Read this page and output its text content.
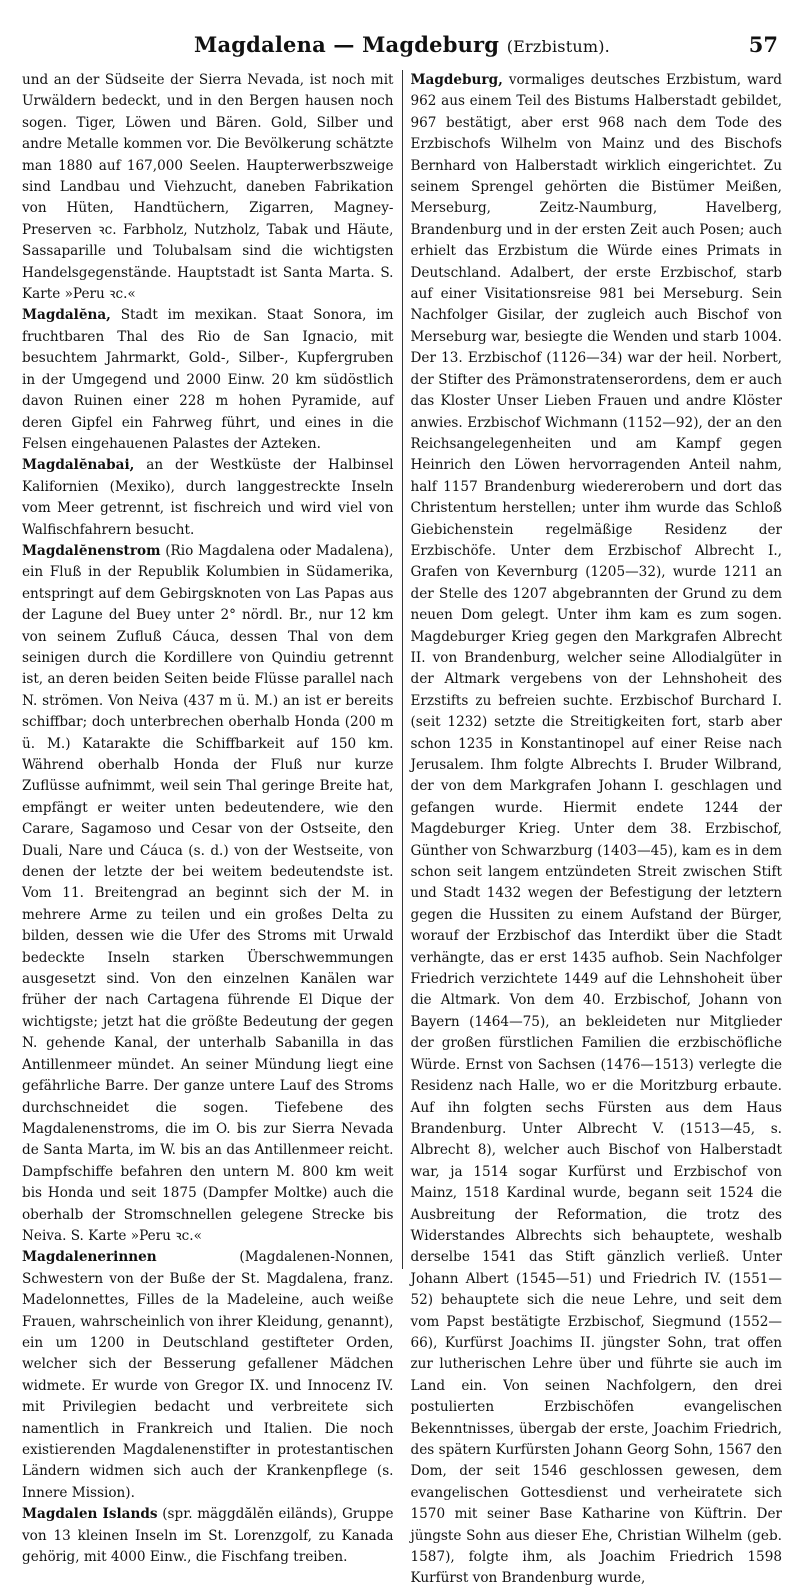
Magdalena — Magdeburg (Erzbistum).	57

und an der Südseite der Sierra Nevada, ist noch mit Urwäldern bedeckt, und in den Bergen hausen noch sogen. Tiger, Löwen und Bären. Gold, Silber und andre Metalle kommen vor. Die Bevölkerung schätzte man 1880 auf 167,000 Seelen. Haupterwerbszweige sind Landbau und Viehzucht, daneben Fabrikation von Hüten, Handtüchern, Zigarren, Magney-Preserven ꝛc. Farbholz, Nutzholz, Tabak und Häute, Sassaparille und Tolubalsam sind die wichtigsten Handelsgegenstände. Hauptstadt ist Santa Marta. S. Karte »Peru ꝛc.«

Magdalĕna, Stadt im mexikan. Staat Sonora, im fruchtbaren Thal des Rio de San Ignacio, mit besuchtem Jahrmarkt, Gold-, Silber-, Kupfergruben in der Umgegend und 2000 Einw. 20 km südöstlich davon Ruinen einer 228 m hohen Pyramide, auf deren Gipfel ein Fahrweg führt, und eines in die Felsen eingehauenen Palastes der Azteken.

Magdalĕnabai, an der Westküste der Halbinsel Kalifornien (Mexiko), durch langgestreckte Inseln vom Meer getrennt, ist fischreich und wird viel von Walfischfahrern besucht.

Magdalĕnenstrom (Rio Magdalena oder Madalena), ein Fluß in der Republik Kolumbien in Südamerika, entspringt auf dem Gebirgsknoten von Las Papas aus der Lagune del Buey unter 2° nördl. Br., nur 12 km von seinem Zufluß Cáuca, dessen Thal von dem seinigen durch die Kordillere von Quindiu getrennt ist, an deren beiden Seiten beide Flüsse parallel nach N. strömen. Von Neiva (437 m ü. M.) an ist er bereits schiffbar; doch unterbrechen oberhalb Honda (200 m ü. M.) Katarakte die Schiffbarkeit auf 150 km. Während oberhalb Honda der Fluß nur kurze Zuflüsse aufnimmt, weil sein Thal geringe Breite hat, empfängt er weiter unten bedeutendere, wie den Carare, Sagamoso und Cesar von der Ostseite, den Duali, Nare und Cáuca (s. d.) von der Westseite, von denen der letzte der bei weitem bedeutendste ist. Vom 11. Breitengrad an beginnt sich der M. in mehrere Arme zu teilen und ein großes Delta zu bilden, dessen wie die Ufer des Stroms mit Urwald bedeckte Inseln starken Überschwemmungen ausgesetzt sind. Von den einzelnen Kanälen war früher der nach Cartagena führende El Dique der wichtigste; jetzt hat die größte Bedeutung der gegen N. gehende Kanal, der unterhalb Sabanilla in das Antillenmeer mündet. An seiner Mündung liegt eine gefährliche Barre. Der ganze untere Lauf des Stroms durchschneidet die sogen. Tiefebene des Magdalenenstroms, die im O. bis zur Sierra Nevada de Santa Marta, im W. bis an das Antillenmeer reicht. Dampfschiffe befahren den untern M. 800 km weit bis Honda und seit 1875 (Dampfer Moltke) auch die oberhalb der Stromschnellen gelegene Strecke bis Neiva. S. Karte »Peru ꝛc.«

Magdalenerinnen (Magdalenen-Nonnen, Schwestern von der Buße der St. Magdalena, franz. Madelonnettes, Filles de la Madeleine, auch weiße Frauen, wahrscheinlich von ihrer Kleidung, genannt), ein um 1200 in Deutschland gestifteter Orden, welcher sich der Besserung gefallener Mädchen widmete. Er wurde von Gregor IX. und Innocenz IV. mit Privilegien bedacht und verbreitete sich namentlich in Frankreich und Italien. Die noch existierenden Magdalenenstifter in protestantischen Ländern widmen sich auch der Krankenpflege (s. Innere Mission).

Magdalen Islands (spr. mäggdălĕn eiländs), Gruppe von 13 kleinen Inseln im St. Lorenzgolf, zu Kanada gehörig, mit 4000 Einw., die Fischfang treiben.

Magdeburg, vormaliges deutsches Erzbistum, ward 962 aus einem Teil des Bistums Halberstadt gebildet, 967 bestätigt, aber erst 968 nach dem Tode des Erzbischofs Wilhelm von Mainz und des Bischofs Bernhard von Halberstadt wirklich eingerichtet. Zu seinem Sprengel gehörten die Bistümer Meißen, Merseburg, Zeitz-Naumburg, Havelberg, Brandenburg und in der ersten Zeit auch Posen; auch erhielt das Erzbistum die Würde eines Primats in Deutschland. Adalbert, der erste Erzbischof, starb auf einer Visitationsreise 981 bei Merseburg. Sein Nachfolger Gisilar, der zugleich auch Bischof von Merseburg war, besiegte die Wenden und starb 1004. Der 13. Erzbischof (1126—34) war der heil. Norbert, der Stifter des Prämonstratenserordens, dem er auch das Kloster Unser Lieben Frauen und andre Klöster anwies. Erzbischof Wichmann (1152—92), der an den Reichsangelegenheiten und am Kampf gegen Heinrich den Löwen hervorragenden Anteil nahm, half 1157 Brandenburg wiedererobern und dort das Christentum herstellen; unter ihm wurde das Schloß Giebichenstein regelmäßige Residenz der Erzbischöfe. Unter dem Erzbischof Albrecht I., Grafen von Kevernburg (1205—32), wurde 1211 an der Stelle des 1207 abgebrannten der Grund zu dem neuen Dom gelegt. Unter ihm kam es zum sogen. Magdeburger Krieg gegen den Markgrafen Albrecht II. von Brandenburg, welcher seine Allodialgüter in der Altmark vergebens von der Lehnshoheit des Erzstifts zu befreien suchte. Erzbischof Burchard I. (seit 1232) setzte die Streitigkeiten fort, starb aber schon 1235 in Konstantinopel auf einer Reise nach Jerusalem. Ihm folgte Albrechts I. Bruder Wilbrand, der von dem Markgrafen Johann I. geschlagen und gefangen wurde. Hiermit endete 1244 der Magdeburger Krieg. Unter dem 38. Erzbischof, Günther von Schwarzburg (1403—45), kam es in dem schon seit langem entzündeten Streit zwischen Stift und Stadt 1432 wegen der Befestigung der letztern gegen die Hussiten zu einem Aufstand der Bürger, worauf der Erzbischof das Interdikt über die Stadt verhängte, das er erst 1435 aufhob. Sein Nachfolger Friedrich verzichtete 1449 auf die Lehnshoheit über die Altmark. Von dem 40. Erzbischof, Johann von Bayern (1464—75), an bekleideten nur Mitglieder der großen fürstlichen Familien die erzbischöfliche Würde. Ernst von Sachsen (1476—1513) verlegte die Residenz nach Halle, wo er die Moritzburg erbaute. Auf ihn folgten sechs Fürsten aus dem Haus Brandenburg. Unter Albrecht V. (1513—45, s. Albrecht 8), welcher auch Bischof von Halberstadt war, ja 1514 sogar Kurfürst und Erzbischof von Mainz, 1518 Kardinal wurde, begann seit 1524 die Ausbreitung der Reformation, die trotz des Widerstandes Albrechts sich behauptete, weshalb derselbe 1541 das Stift gänzlich verließ. Unter Johann Albert (1545—51) und Friedrich IV. (1551—52) behauptete sich die neue Lehre, und seit dem vom Papst bestätigte Erzbischof, Siegmund (1552—66), Kurfürst Joachims II. jüngster Sohn, trat offen zur lutherischen Lehre über und führte sie auch im Land ein. Von seinen Nachfolgern, den drei postulierten Erzbischöfen evangelischen Bekenntnisses, übergab der erste, Joachim Friedrich, des spätern Kurfürsten Johann Georg Sohn, 1567 den Dom, der seit 1546 geschlossen gewesen, dem evangelischen Gottesdienst und verheiratete sich 1570 mit seiner Base Katharine von Küftrin. Der jüngste Sohn aus dieser Ehe, Christian Wilhelm (geb. 1587), folgte ihm, als Joachim Friedrich 1598 Kurfürst von Brandenburg wurde,
